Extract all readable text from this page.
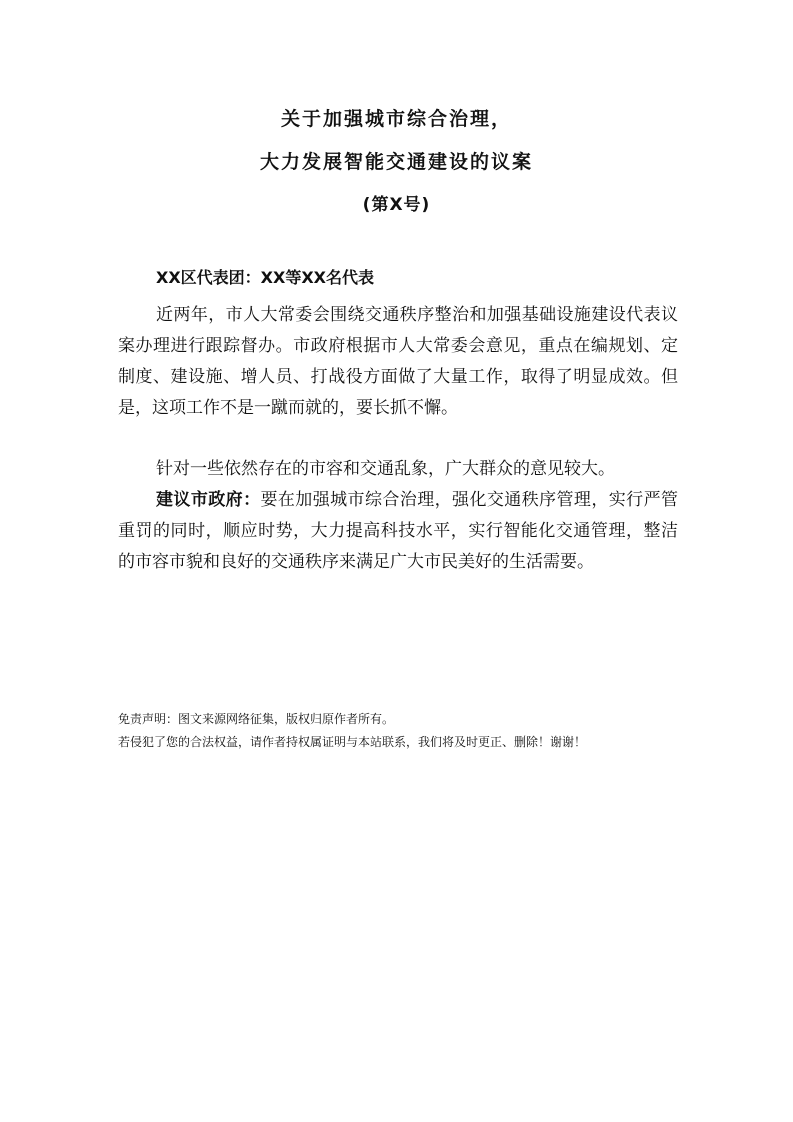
关于加强城市综合治理，
大力发展智能交通建设的议案
(第X号)
XX区代表团：XX等XX名代表

近两年，市人大常委会围绕交通秩序整治和加强基础设施建设代表议案办理进行跟踪督办。市政府根据市人大常委会意见，重点在编规划、定制度、建设施、增人员、打战役方面做了大量工作，取得了明显成效。但是，这项工作不是一蹴而就的，要长抓不懈。

针对一些依然存在的市容和交通乱象，广大群众的意见较大。

建议市政府：要在加强城市综合治理，强化交通秩序管理，实行严管重罚的同时，顺应时势，大力提高科技水平，实行智能化交通管理，整洁的市容市貌和良好的交通秩序来满足广大市民美好的生活需要。

免责声明：图文来源网络征集，版权归原作者所有。
若侵犯了您的合法权益，请作者持权属证明与本站联系，我们将及时更正、删除！谢谢！
